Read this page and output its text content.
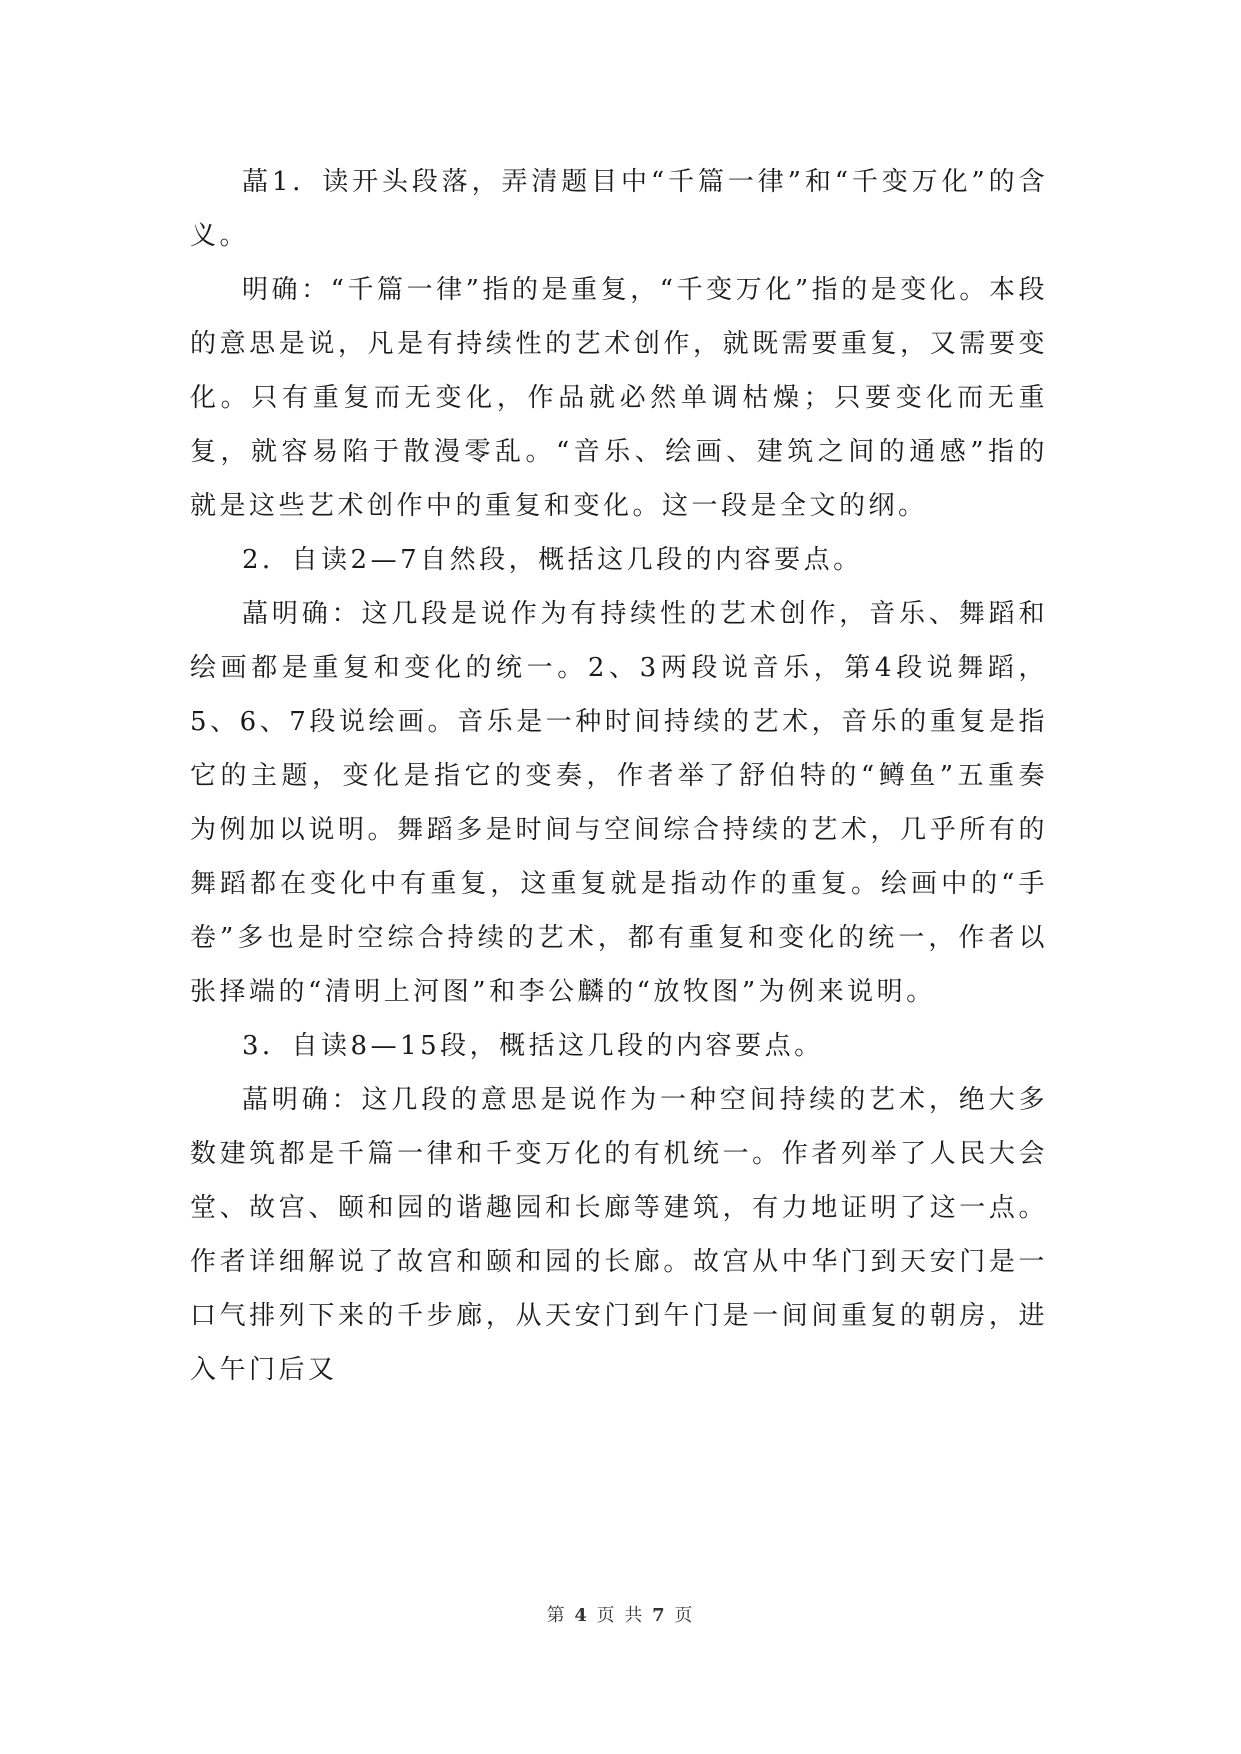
蕌1．读开头段落，弄清题目中“千篇一律”和“千变万化”的含义。

明确：“千篇一律”指的是重复，“千变万化”指的是变化。本段的意思是说，凡是有持续性的艺术创作，就既需要重复，又需要变化。只有重复而无变化，作品就必然单调枯燥；只要变化而无重复，就容易陷于散漫零乱。“音乐、绘画、建筑之间的通感”指的就是这些艺术创作中的重复和变化。这一段是全文的纲。

2．自读2—7自然段，概括这几段的内容要点。

蕌明确：这几段是说作为有持续性的艺术创作，音乐、舞蹈和绘画都是重复和变化的统一。2、3两段说音乐，第4段说舞蹈，5、6、7段说绘画。音乐是一种时间持续的艺术，音乐的重复是指它的主题，变化是指它的变奏，作者举了舒伯特的“鳟鱼”五重奏为例加以说明。舞蹈多是时间与空间综合持续的艺术，几乎所有的舞蹈都在变化中有重复，这重复就是指动作的重复。绘画中的“手卷”多也是时空综合持续的艺术，都有重复和变化的统一，作者以张择端的“清明上河图”和李公麟的“放牧图”为例来说明。

3．自读8—15段，概括这几段的内容要点。

蕌明确：这几段的意思是说作为一种空间持续的艺术，绝大多数建筑都是千篇一律和千变万化的有机统一。作者列举了人民大会堂、故宫、颐和园的谐趣园和长廊等建筑，有力地证明了这一点。作者详细解说了故宫和颐和园的长廊。故宫从中华门到天安门是一口气排列下来的千步廊，从天安门到午门是一间间重复的朝房，进入午门后又

第 4 页 共 7 页
